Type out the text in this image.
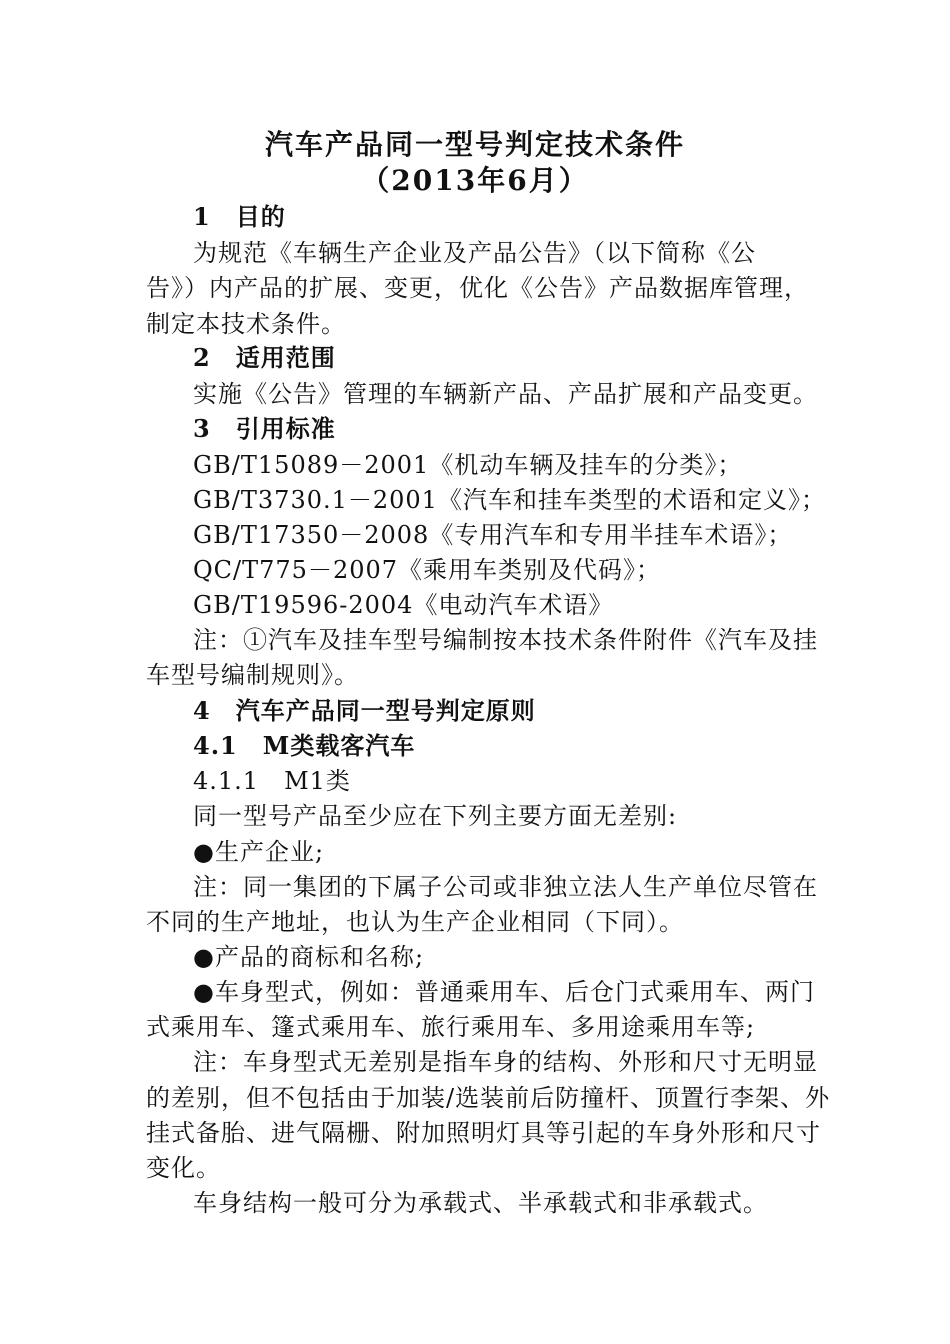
汽车产品同一型号判定技术条件
（2013年6月）
1　目的
为规范《车辆生产企业及产品公告》（以下简称《公
告》）内产品的扩展、变更，优化《公告》产品数据库管理，
制定本技术条件。
2　适用范围
实施《公告》管理的车辆新产品、产品扩展和产品变更。
3　引用标准
GB/T15089－2001《机动车辆及挂车的分类》；
GB/T3730.1－2001《汽车和挂车类型的术语和定义》；
GB/T17350－2008《专用汽车和专用半挂车术语》；
QC/T775－2007《乘用车类别及代码》；
GB/T19596-2004《电动汽车术语》
注：①汽车及挂车型号编制按本技术条件附件《汽车及挂
车型号编制规则》。
4　汽车产品同一型号判定原则
4.1　M类载客汽车
4.1.1　M1类
同一型号产品至少应在下列主要方面无差别:
●生产企业;
注：同一集团的下属子公司或非独立法人生产单位尽管在
不同的生产地址，也认为生产企业相同（下同）。
●产品的商标和名称;
●车身型式，例如：普通乘用车、后仓门式乘用车、两门
式乘用车、篷式乘用车、旅行乘用车、多用途乘用车等;
注：车身型式无差别是指车身的结构、外形和尺寸无明显
的差别，但不包括由于加装/选装前后防撞杆、顶置行李架、外
挂式备胎、进气隔栅、附加照明灯具等引起的车身外形和尺寸
变化。
车身结构一般可分为承载式、半承载式和非承载式。
